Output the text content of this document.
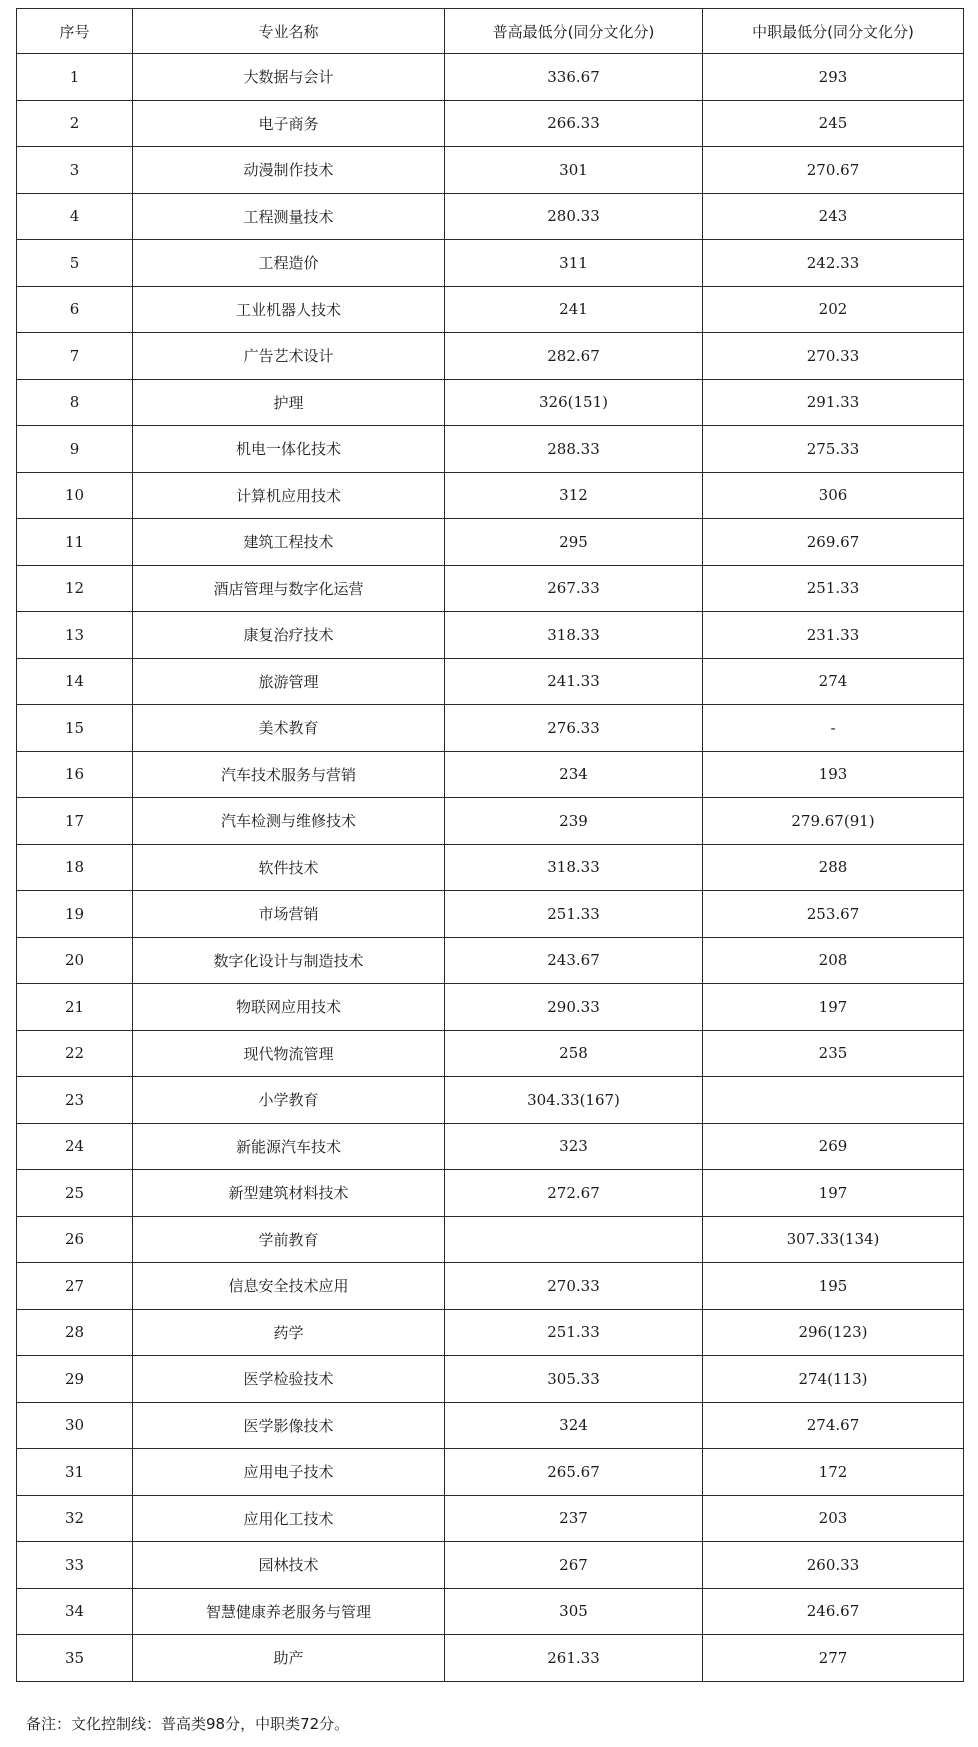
序号	专业名称	普高最低分(同分文化分)	中职最低分(同分文化分)
1	大数据与会计	336.67	293
2	电子商务	266.33	245
3	动漫制作技术	301	270.67
4	工程测量技术	280.33	243
5	工程造价	311	242.33
6	工业机器人技术	241	202
7	广告艺术设计	282.67	270.33
8	护理	326(151)	291.33
9	机电一体化技术	288.33	275.33
10	计算机应用技术	312	306
11	建筑工程技术	295	269.67
12	酒店管理与数字化运营	267.33	251.33
13	康复治疗技术	318.33	231.33
14	旅游管理	241.33	274
15	美术教育	276.33	-
16	汽车技术服务与营销	234	193
17	汽车检测与维修技术	239	279.67(91)
18	软件技术	318.33	288
19	市场营销	251.33	253.67
20	数字化设计与制造技术	243.67	208
21	物联网应用技术	290.33	197
22	现代物流管理	258	235
23	小学教育	304.33(167)	
24	新能源汽车技术	323	269
25	新型建筑材料技术	272.67	197
26	学前教育		307.33(134)
27	信息安全技术应用	270.33	195
28	药学	251.33	296(123)
29	医学检验技术	305.33	274(113)
30	医学影像技术	324	274.67
31	应用电子技术	265.67	172
32	应用化工技术	237	203
33	园林技术	267	260.33
34	智慧健康养老服务与管理	305	246.67
35	助产	261.33	277
备注：文化控制线：普高类98分，中职类72分。
